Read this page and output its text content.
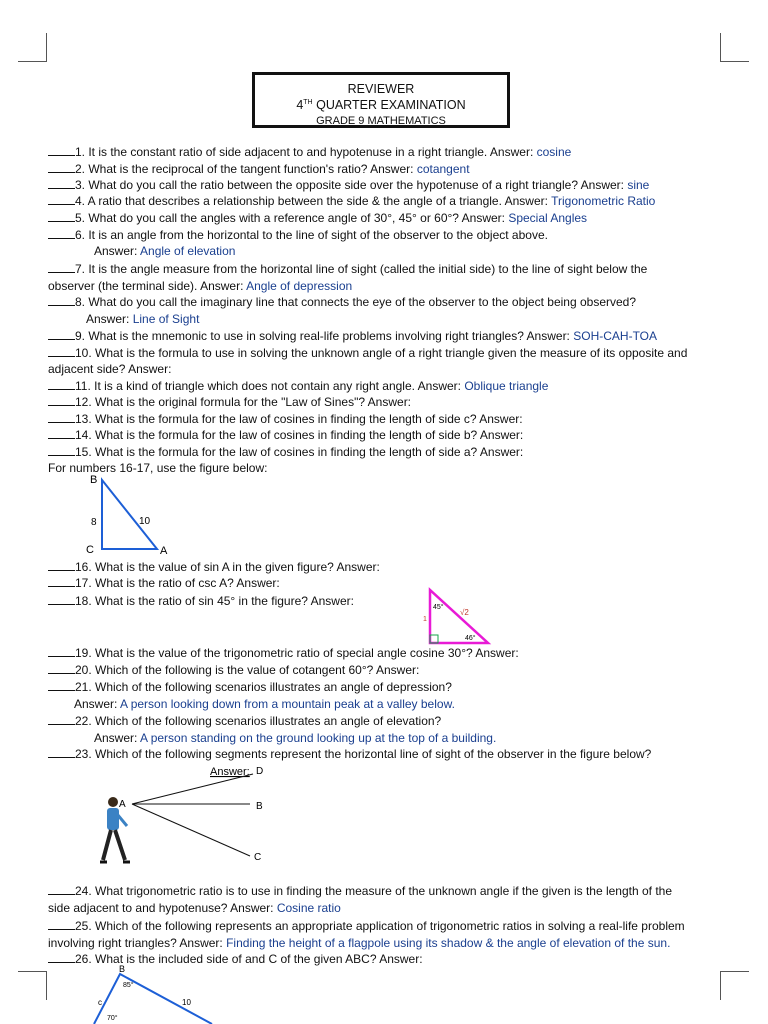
REVIEWER
4TH QUARTER EXAMINATION
GRADE 9 MATHEMATICS
1. It is the constant ratio of side adjacent to and hypotenuse in a right triangle. Answer: cosine
2. What is the reciprocal of the tangent function's ratio? Answer: cotangent
3. What do you call the ratio between the opposite side over the hypotenuse of a right triangle? Answer: sine
4. A ratio that describes a relationship between the side & the angle of a triangle. Answer: Trigonometric Ratio
5. What do you call the angles with a reference angle of 30°, 45° or 60°? Answer: Special Angles
6. It is an angle from the horizontal to the line of sight of the observer to the object above.
Answer: Angle of elevation
7. It is the angle measure from the horizontal line of sight (called the initial side) to the line of sight below the
observer (the terminal side). Answer: Angle of depression
8. What do you call the imaginary line that connects the eye of the observer to the object being observed?
Answer: Line of Sight
9. What is the mnemonic to use in solving real-life problems involving right triangles? Answer: SOH-CAH-TOA
10. What is the formula to use in solving the unknown angle of a right triangle given the measure of its opposite and
adjacent side? Answer:
11. It is a kind of triangle which does not contain any right angle. Answer: Oblique triangle
12. What is the original formula for the "Law of Sines"? Answer:
13. What is the formula for the law of cosines in finding the length of side c? Answer:
14. What is the formula for the law of cosines in finding the length of side b? Answer:
15. What is the formula for the law of cosines in finding the length of side a? Answer:
For numbers 16-17, use the figure below:
B
C	A
8	10
16. What is the value of sin A in the given figure? Answer:
17. What is the ratio of csc A? Answer:
18. What is the ratio of sin 45° in the figure? Answer:	45°
46°
1
√2
19. What is the value of the trigonometric ratio of special angle cosine 30°? Answer:
20. Which of the following is the value of cotangent 60°? Answer:
21. Which of the following scenarios illustrates an angle of depression?
Answer: A person looking down from a mountain peak at a valley below.
22. Which of the following scenarios illustrates an angle of elevation?
Answer: A person standing on the ground looking up at the top of a building.
23. Which of the following segments represent the horizontal line of sight of the observer in the figure below?
Answer: D
A	B
C
24. What trigonometric ratio is to use in finding the measure of the unknown angle if the given is the length of the
side adjacent to and hypotenuse? Answer: Cosine ratio
25. Which of the following represents an appropriate application of trigonometric ratios in solving a real-life problem
involving right triangles? Answer: Finding the height of a flagpole using its shadow & the angle of elevation of the sun.
26. What is the included side of and C of the given ABC? Answer:
B
85°
c	10
70°
